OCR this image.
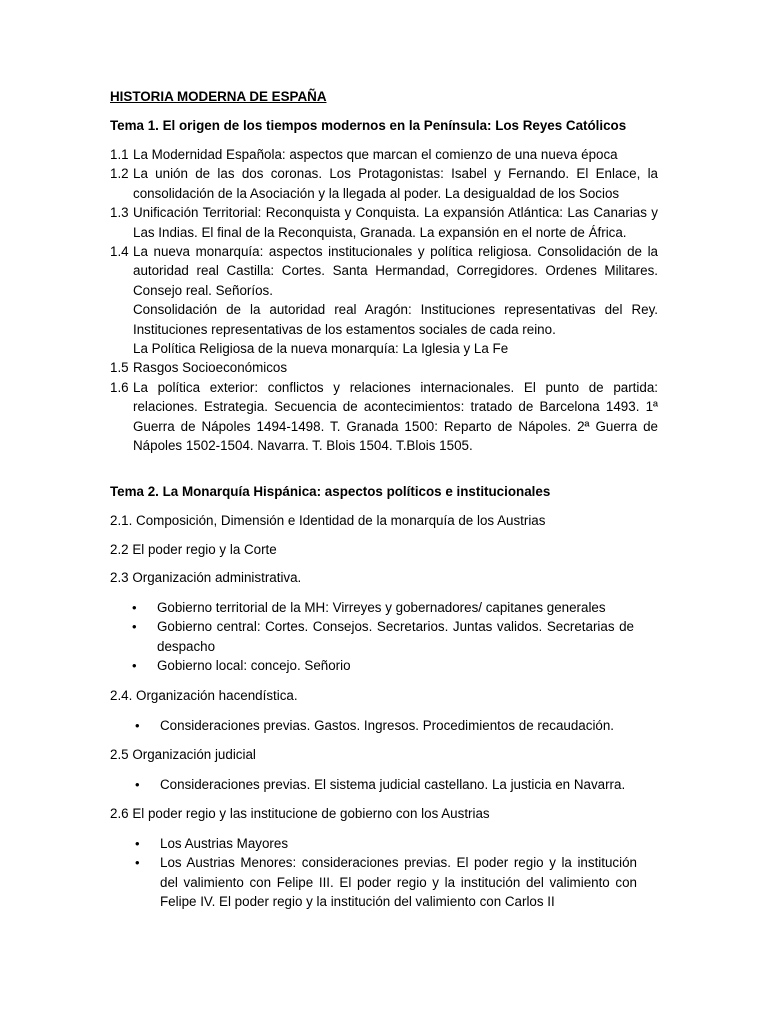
HISTORIA MODERNA DE ESPAÑA

Tema 1. El origen de los tiempos modernos en la Península: Los Reyes Católicos

1.1 La Modernidad Española: aspectos que marcan el comienzo de una nueva época
1.2 La unión de las dos coronas. Los Protagonistas: Isabel y Fernando. El Enlace, la consolidación de la Asociación y la llegada al poder. La desigualdad de los Socios
1.3 Unificación Territorial: Reconquista y Conquista. La expansión Atlántica: Las Canarias y Las Indias. El final de la Reconquista, Granada. La expansión en el norte de África.
1.4 La nueva monarquía: aspectos institucionales y política religiosa. Consolidación de la autoridad real Castilla: Cortes. Santa Hermandad, Corregidores. Ordenes Militares. Consejo real. Señoríos.
Consolidación de la autoridad real Aragón: Instituciones representativas del Rey. Instituciones representativas de los estamentos sociales de cada reino.
La Política Religiosa de la nueva monarquía: La Iglesia y La Fe
1.5 Rasgos Socioeconómicos
1.6 La política exterior: conflictos y relaciones internacionales. El punto de partida: relaciones. Estrategia. Secuencia de acontecimientos: tratado de Barcelona 1493. 1ª Guerra de Nápoles 1494-1498. T. Granada 1500: Reparto de Nápoles. 2ª Guerra de Nápoles 1502-1504. Navarra. T. Blois 1504. T.Blois 1505.

Tema 2. La Monarquía Hispánica: aspectos políticos e institucionales

2.1. Composición, Dimensión e Identidad de la monarquía de los Austrias

2.2 El poder regio y la Corte

2.3 Organización administrativa.

• Gobierno territorial de la MH: Virreyes y gobernadores/ capitanes generales
• Gobierno central: Cortes. Consejos. Secretarios. Juntas validos. Secretarias de despacho
• Gobierno local: concejo. Señorio

2.4. Organización hacendística.

• Consideraciones previas. Gastos. Ingresos. Procedimientos de recaudación.

2.5 Organización judicial

• Consideraciones previas. El sistema judicial castellano. La justicia en Navarra.

2.6 El poder regio y las institucione de gobierno con los Austrias

• Los Austrias Mayores
• Los Austrias Menores: consideraciones previas. El poder regio y la institución del valimiento con Felipe III. El poder regio y la institución del valimiento con Felipe IV. El poder regio y la institución del valimiento con Carlos II
